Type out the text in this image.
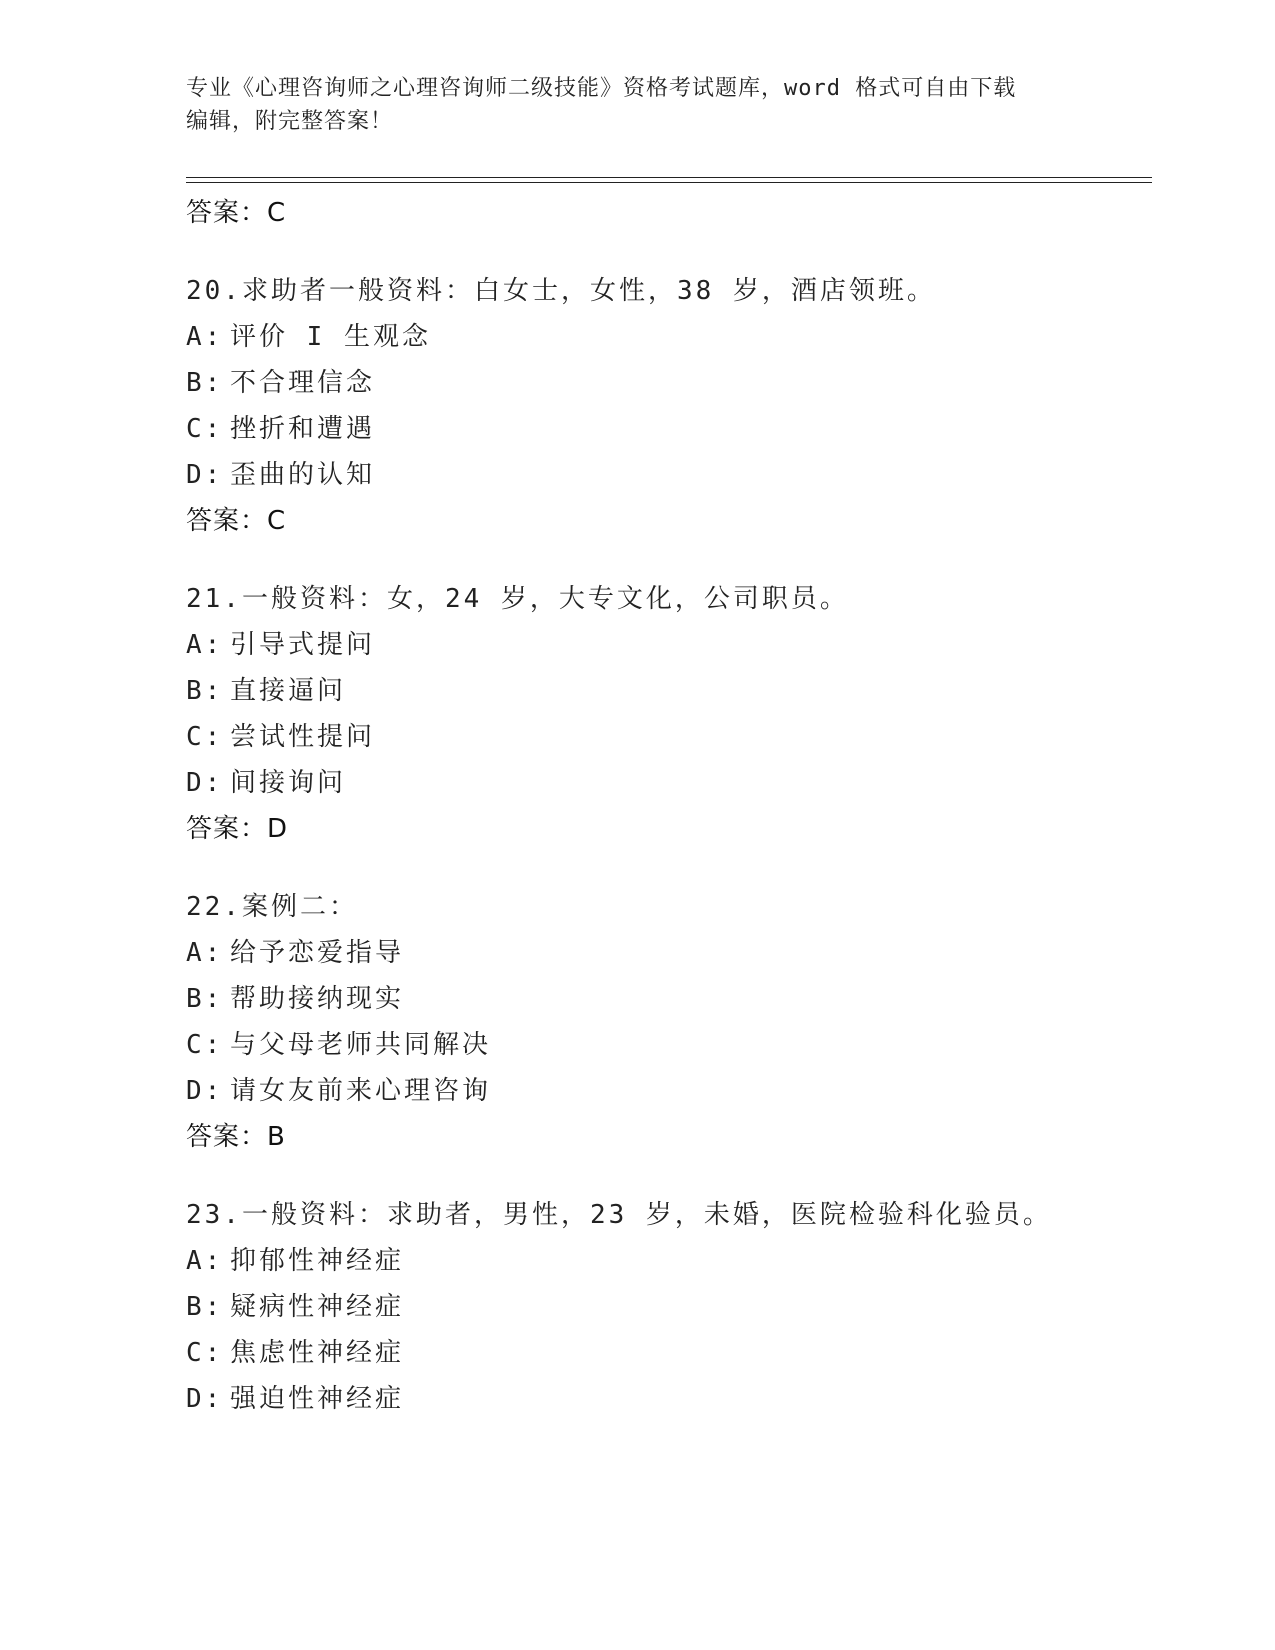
专业《心理咨询师之心理咨询师二级技能》资格考试题库，word 格式可自由下载
编辑，附完整答案！
答案：C
20.求助者一般资料：白女士，女性，38 岁，酒店领班。
A: 评价 I 生观念
B: 不合理信念
C: 挫折和遭遇
D: 歪曲的认知
答案：C
21.一般资料：女，24 岁，大专文化，公司职员。
A: 引导式提问
B: 直接逼问
C: 尝试性提问
D: 间接询问
答案：D
22.案例二：
A: 给予恋爱指导
B: 帮助接纳现实
C: 与父母老师共同解决
D: 请女友前来心理咨询
答案：B
23.一般资料：求助者，男性，23 岁，未婚，医院检验科化验员。
A: 抑郁性神经症
B: 疑病性神经症
C: 焦虑性神经症
D: 强迫性神经症
